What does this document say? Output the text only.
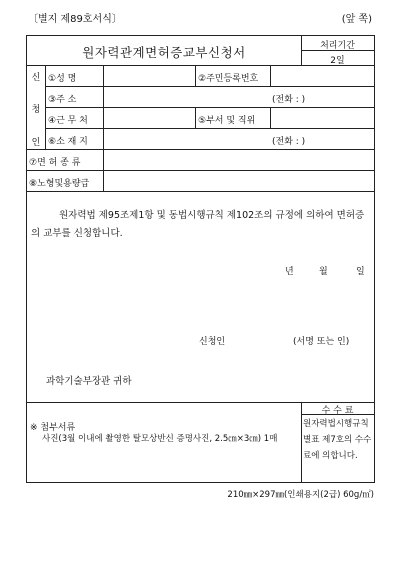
〔별지 제89호서식〕	(앞 쪽)
원자력관계면허증교부신청서	처리기간
2일
신
청
인
①성 명	②주민등록번호
③주 소	(전화 : )
④근 무 처	⑤부서 및 직위
⑥소 재 지	(전화 : )
⑦면 허 종 류
⑧노형및용량급
원자력법 제95조제1항 및 동법시행규칙 제102조의 규정에 의하여 면허증의 교부를 신청합니다.
년	월	일
신청인	(서명 또는 인)
과학기술부장관 귀하
※ 첨부서류
사진(3월 이내에 촬영한 탈모상반신 증명사진, 2.5㎝×3㎝) 1매
수 수 료
원자력법시행규칙 별표 제7호의 수수료에 의합니다.
210㎜×297㎜(인쇄용지(2급) 60g/㎡)
